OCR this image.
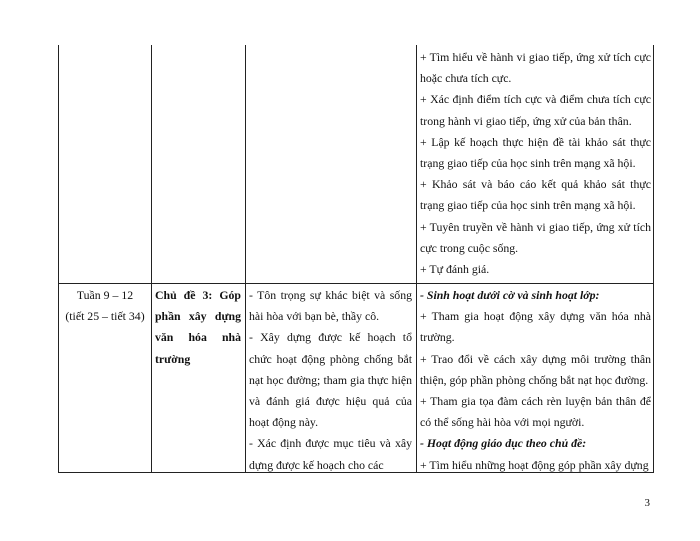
+ Tìm hiểu về hành vi giao tiếp, ứng xử tích cực hoặc chưa tích cực.

+ Xác định điểm tích cực và điểm chưa tích cực trong hành vi giao tiếp, ứng xử của bản thân.

+ Lập kế hoạch thực hiện đề tài khảo sát thực trạng giao tiếp của học sinh trên mạng xã hội.

+ Khảo sát và báo cáo kết quả khảo sát thực trạng giao tiếp của học sinh trên mạng xã hội.

+ Tuyên truyền về hành vi giao tiếp, ứng xử tích cực trong cuộc sống.

+ Tự đánh giá.

Tuần 9 – 12

(tiết 25 – tiết 34)

Chủ đề 3: Góp phần xây dựng văn hóa nhà trường

- Tôn trọng sự khác biệt và sống hài hòa với bạn bè, thầy cô.

- Xây dựng được kế hoạch tổ chức hoạt động phòng chống bắt nạt học đường; tham gia thực hiện và đánh giá được hiệu quả của hoạt động này.

- Xác định được mục tiêu và xây dựng được kế hoạch cho các

- Sinh hoạt dưới cờ và sinh hoạt lớp:

+ Tham gia hoạt động xây dựng văn hóa nhà trường.

+ Trao đổi về cách xây dựng môi trường thân thiện, góp phần phòng chống bắt nạt học đường.

+ Tham gia tọa đàm cách rèn luyện bản thân để có thể sống hài hòa với mọi người.

- Hoạt động giáo dục theo chủ đề:

+ Tìm hiểu những hoạt động góp phần xây dựng

3
